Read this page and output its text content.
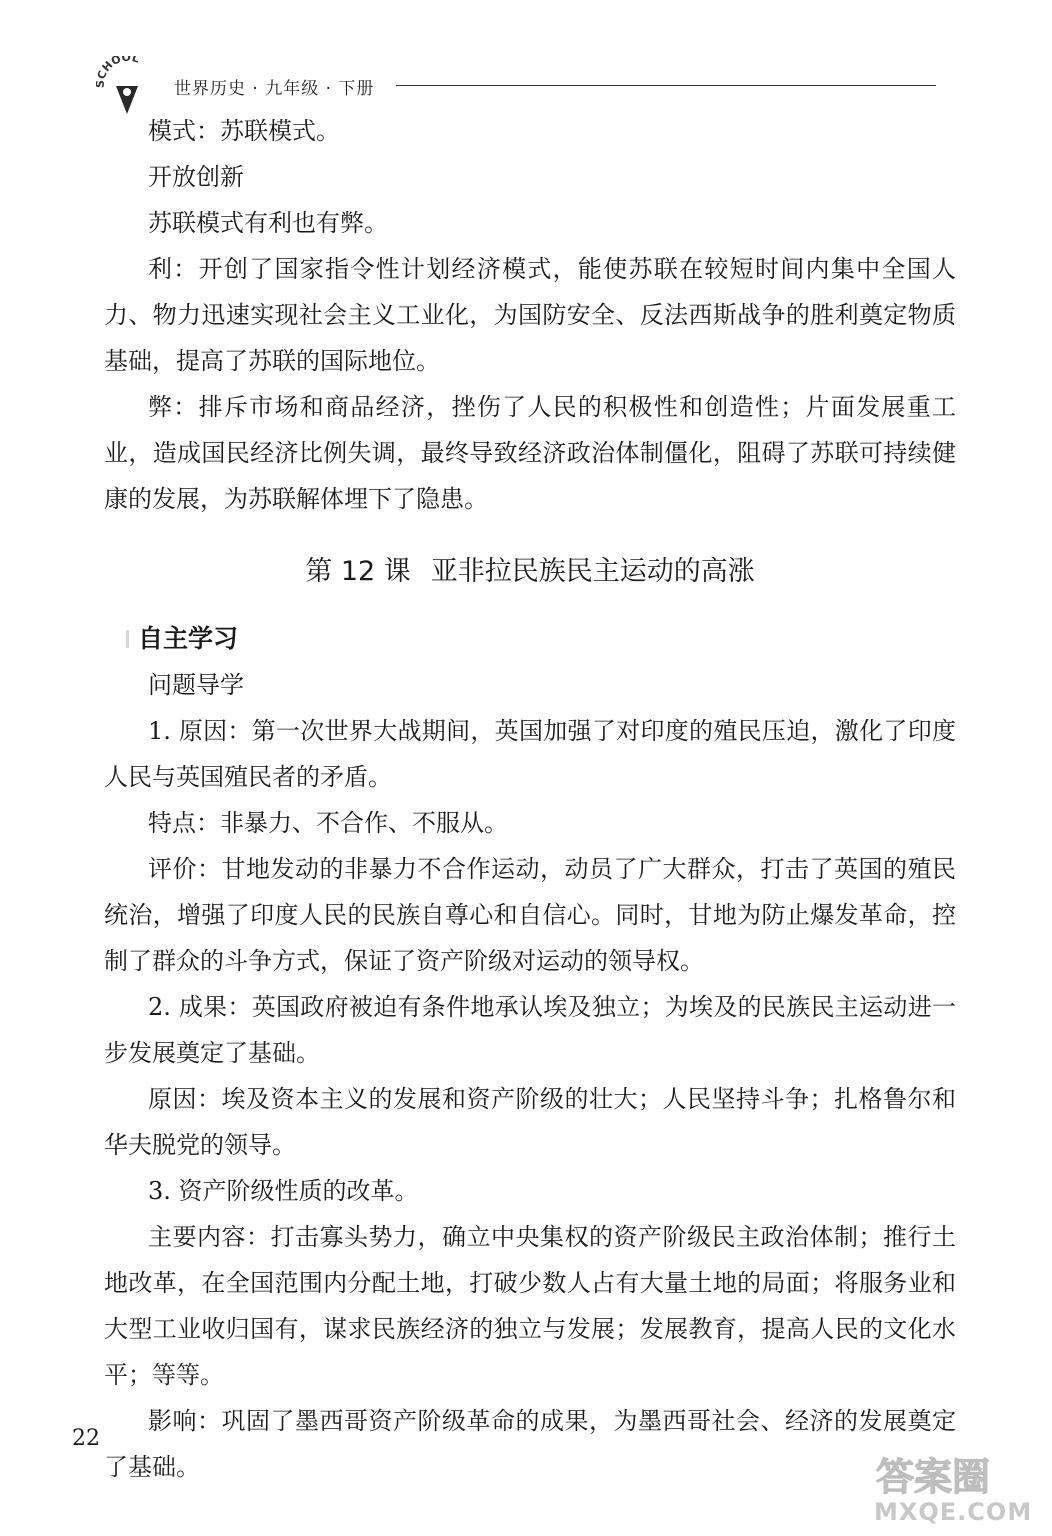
CHOOL
世界历史 · 九年级 · 下册

模式：苏联模式。

开放创新

苏联模式有利也有弊。

利：开创了国家指令性计划经济模式，能使苏联在较短时间内集中全国人力、物力迅速实现社会主义工业化，为国防安全、反法西斯战争的胜利奠定物质基础，提高了苏联的国际地位。

弊：排斥市场和商品经济，挫伤了人民的积极性和创造性；片面发展重工业，造成国民经济比例失调，最终导致经济政治体制僵化，阻碍了苏联可持续健康的发展，为苏联解体埋下了隐患。

第 12 课 亚非拉民族民主运动的高涨
自主学习

问题导学

1. 原因：第一次世界大战期间，英国加强了对印度的殖民压迫，激化了印度人民与英国殖民者的矛盾。

特点：非暴力、不合作、不服从。

评价：甘地发动的非暴力不合作运动，动员了广大群众，打击了英国的殖民统治，增强了印度人民的民族自尊心和自信心。同时，甘地为防止爆发革命，控制了群众的斗争方式，保证了资产阶级对运动的领导权。

2. 成果：英国政府被迫有条件地承认埃及独立；为埃及的民族民主运动进一步发展奠定了基础。

原因：埃及资本主义的发展和资产阶级的壮大；人民坚持斗争；扎格鲁尔和华夫脱党的领导。

3. 资产阶级性质的改革。

主要内容：打击寡头势力，确立中央集权的资产阶级民主政治体制；推行土地改革，在全国范围内分配土地，打破少数人占有大量土地的局面；将服务业和大型工业收归国有，谋求民族经济的独立与发展；发展教育，提高人民的文化水平；等等。

影响：巩固了墨西哥资产阶级革命的成果，为墨西哥社会、经济的发展奠定了基础。

22
答案圈
MXQE.COM
